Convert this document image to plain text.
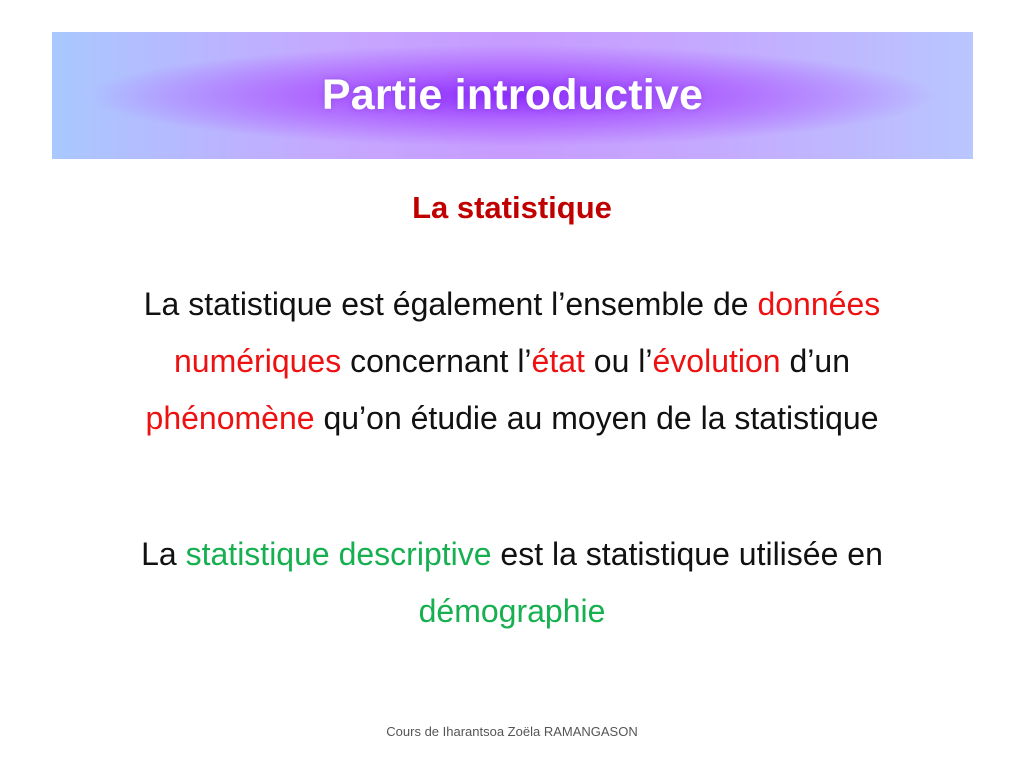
Partie introductive
La statistique
La statistique est également l’ensemble de données numériques concernant l’état ou l’évolution d’un phénomène qu’on étudie au moyen de la statistique
La statistique descriptive est la statistique utilisée en démographie
Cours de Iharantsoa Zoëla RAMANGASON
